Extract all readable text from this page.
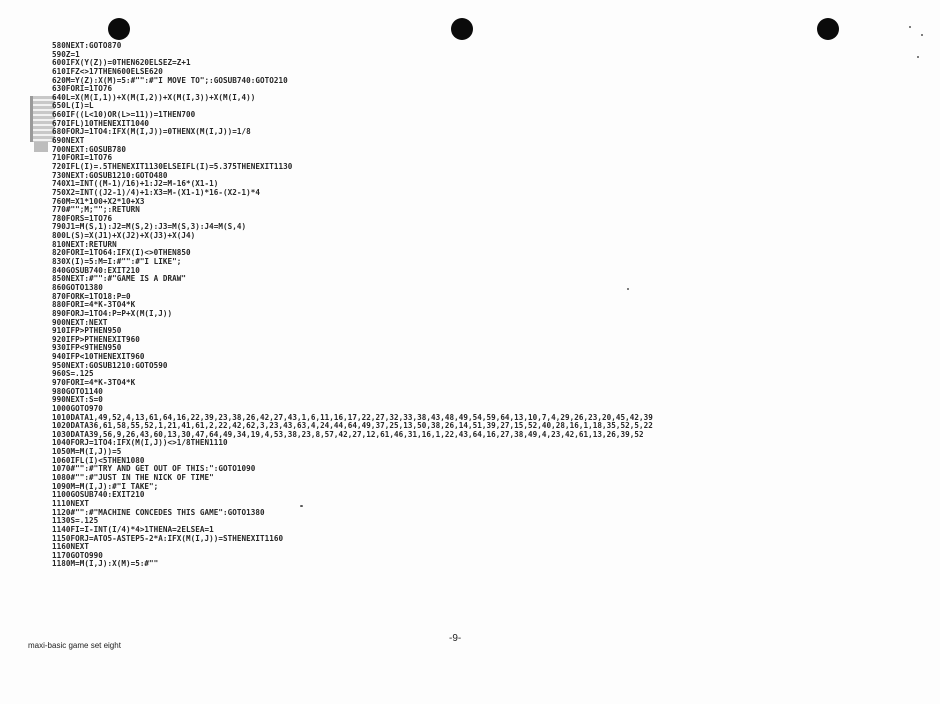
580NEXT:GOTO870
590Z=1
600IFX(Y(Z))=0THEN620ELSEZ=Z+1
610IFZ<>17THEN600ELSE620
620M=Y(Z):X(M)=5:#"":#"I MOVE TO";:GOSUB740:GOTO210
630FORI=1TO76
640L=X(M(I,1))+X(M(I,2))+X(M(I,3))+X(M(I,4))
650L(I)=L
660IF((L<10)OR(L>=11))=1THEN700
670IFL)10THENEXIT1040
680FORJ=1TO4:IFX(M(I,J))=0THENX(M(I,J))=1/8
690NEXT
700NEXT:GOSUB780
710FORI=1TO76
720IFL(I)=.5THENEXIT1130ELSEIFL(I)=5.375THENEXIT1130
730NEXT:GOSUB1210:GOTO480
740X1=INT((M-1)/16)+1:J2=M-16*(X1-1)
750X2=INT((J2-1)/4)+1:X3=M-(X1-1)*16-(X2-1)*4
760M=X1*100+X2*10+X3
770#"";M;"";:RETURN
780FORS=1TO76
790J1=M(S,1):J2=M(S,2):J3=M(S,3):J4=M(S,4)
800L(S)=X(J1)+X(J2)+X(J3)+X(J4)
810NEXT:RETURN
820FORI=1TO64:IFX(I)<>0THEN850
830X(I)=5:M=I:#"":#"I LIKE";
840GOSUB740:EXIT210
850NEXT:#"":#"GAME IS A DRAW"
860GOTO1380
870FORK=1TO18:P=0
880FORI=4*K-3TO4*K
890FORJ=1TO4:P=P+X(M(I,J))
900NEXT:NEXT
910IFP>PTHEN950
920IFP>PTHENEXIT960
930IFP<9THEN950
940IFP<10THENEXIT960
950NEXT:GOSUB1210:GOTO590
960S=.125
970FORI=4*K-3TO4*K
980GOTO1140
990NEXT:S=0
1000GOTO970
1010DATA1,49,52,4,13,61,64,16,22,39,23,38,26,42,27,43,1,6,11,16,17,22,27,32,33,38,43,48,49,54,59,64,13,10,7,4,29,26,23,20,45,42,39
1020DATA36,61,58,55,52,1,21,41,61,2,22,42,62,3,23,43,63,4,24,44,64,49,37,25,13,50,38,26,14,51,39,27,15,52,40,28,16,1,18,35,52,5,22
1030DATA39,56,9,26,43,60,13,30,47,64,49,34,19,4,53,38,23,8,57,42,27,12,61,46,31,16,1,22,43,64,16,27,38,49,4,23,42,61,13,26,39,52
1040FORJ=1TO4:IFX(M(I,J))<>1/8THEN1110
1050M=M(I,J))=5
1060IFL(I)<5THEN1080
1070#"":#"TRY AND GET OUT OF THIS:":GOTO1090
1080#"":#"JUST IN THE NICK OF TIME"
1090M=M(I,J):#"I TAKE";
1100GOSUB740:EXIT210
1110NEXT
1120#"":#"MACHINE CONCEDES THIS GAME":GOTO1380
1130S=.125
1140FI=I-INT(I/4)*4>1THENA=2ELSEA=1
1150FORJ=ATO5-ASTEP5-2*A:IFX(M(I,J))=STHENEXIT1160
1160NEXT
1170GOTO990
1180M=M(I,J):X(M)=5:#""
-9-
maxi-basic game set eight
